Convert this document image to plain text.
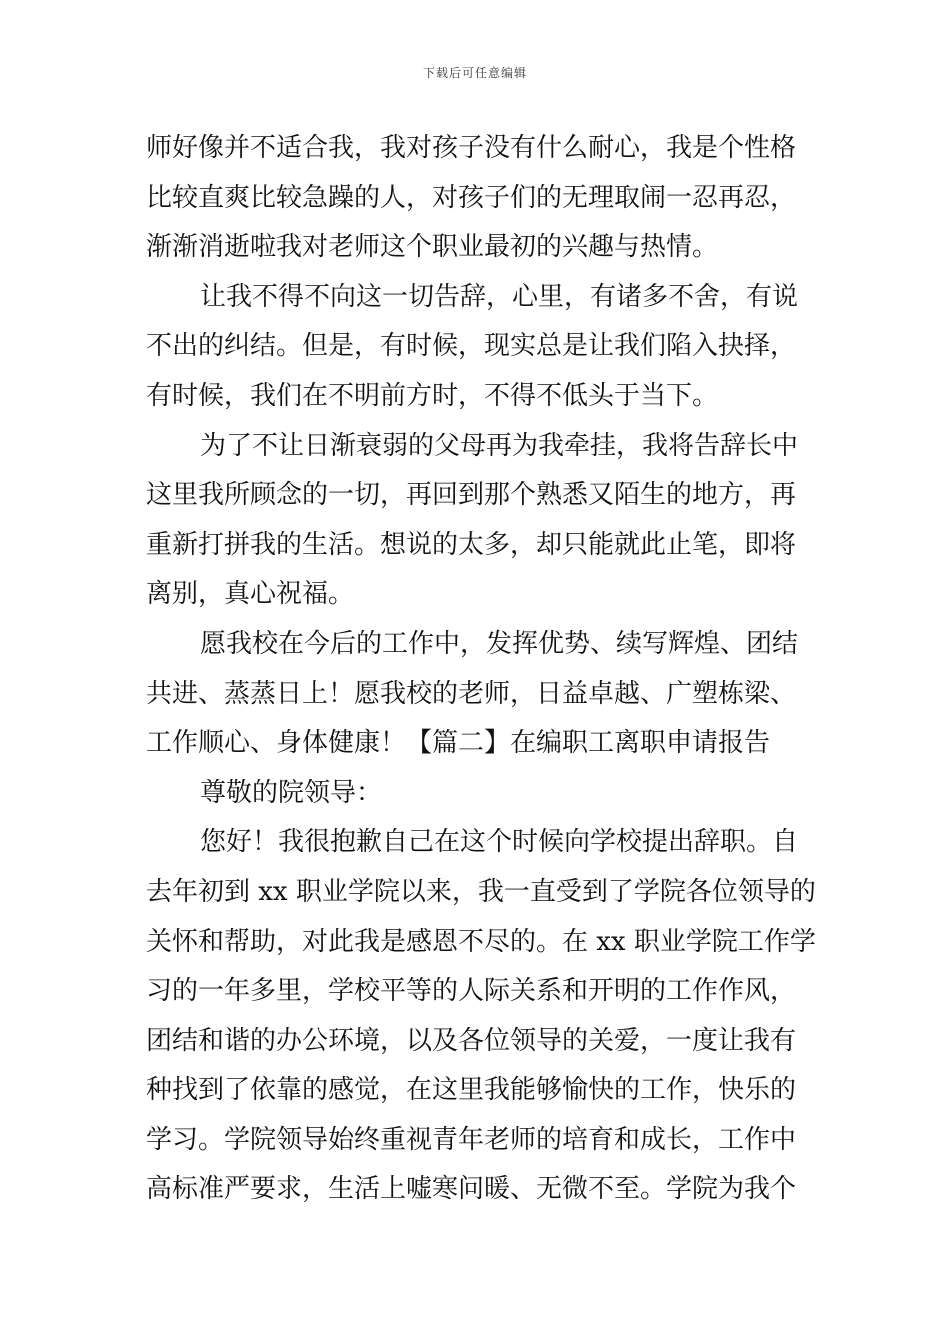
下载后可任意编辑
师好像并不适合我，我对孩子没有什么耐心，我是个性格
比较直爽比较急躁的人，对孩子们的无理取闹一忍再忍，
渐渐消逝啦我对老师这个职业最初的兴趣与热情。
让我不得不向这一切告辞，心里，有诸多不舍，有说
不出的纠结。但是，有时候，现实总是让我们陷入抉择，
有时候，我们在不明前方时，不得不低头于当下。
为了不让日渐衰弱的父母再为我牵挂，我将告辞长中
这里我所顾念的一切，再回到那个熟悉又陌生的地方，再
重新打拼我的生活。想说的太多，却只能就此止笔，即将
离别，真心祝福。
愿我校在今后的工作中，发挥优势、续写辉煌、团结
共进、蒸蒸日上！愿我校的老师，日益卓越、广塑栋梁、
工作顺心、身体健康！【篇二】在编职工离职申请报告
尊敬的院领导：
您好！我很抱歉自己在这个时候向学校提出辞职。自
去年初到 xx 职业学院以来，我一直受到了学院各位领导的
关怀和帮助，对此我是感恩不尽的。在 xx 职业学院工作学
习的一年多里，学校平等的人际关系和开明的工作作风，
团结和谐的办公环境，以及各位领导的关爱，一度让我有
种找到了依靠的感觉，在这里我能够愉快的工作，快乐的
学习。学院领导始终重视青年老师的培育和成长，工作中
高标准严要求，生活上嘘寒问暖、无微不至。学院为我个
